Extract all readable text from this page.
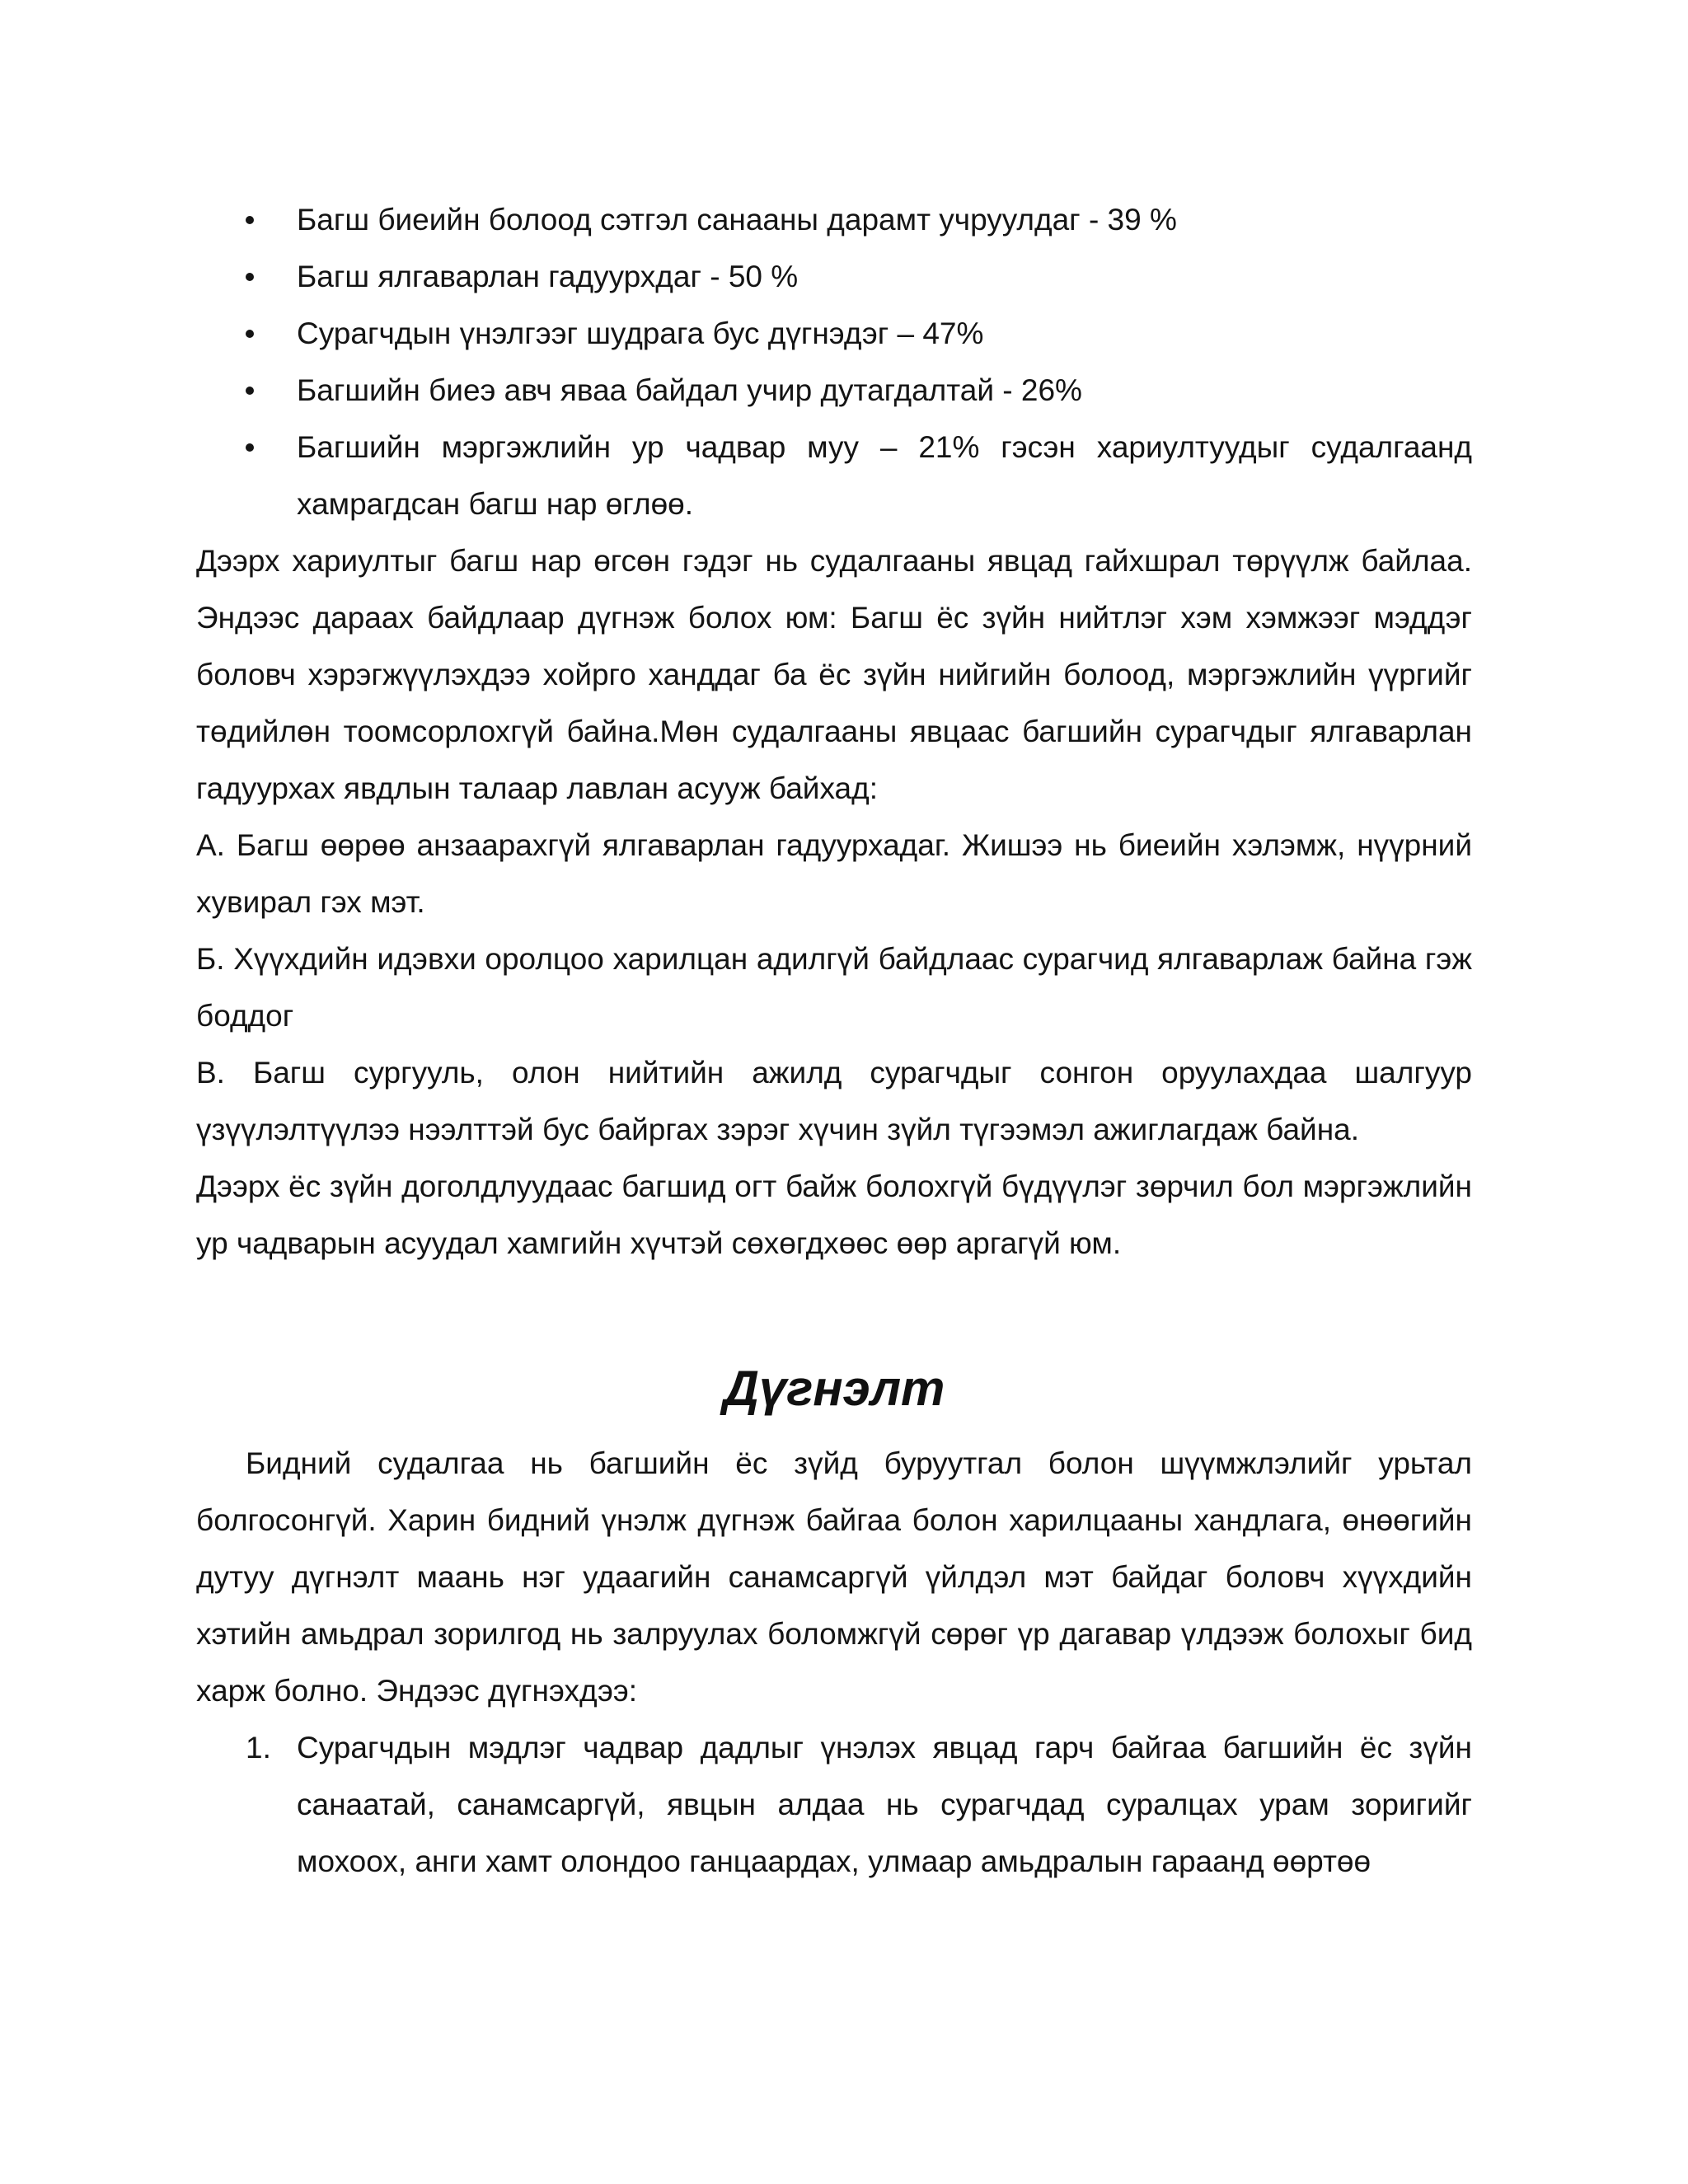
Багш биеийн болоод сэтгэл санааны дарамт учруулдаг - 39 %
Багш ялгаварлан гадуурхдаг - 50 %
Сурагчдын үнэлгээг шудрага бус дүгнэдэг – 47%
Багшийн биеэ авч яваа байдал учир дутагдалтай - 26%
Багшийн мэргэжлийн ур чадвар муу – 21% гэсэн хариултуудыг судалгаанд хамрагдсан багш нар өглөө.

Дээрх хариултыг багш нар өгсөн гэдэг нь судалгааны явцад гайхшрал төрүүлж байлаа. Эндээс дараах байдлаар дүгнэж болох юм: Багш ёс зүйн нийтлэг хэм хэмжээг мэддэг боловч хэрэгжүүлэхдээ хойрго ханддаг ба ёс зүйн нийгийн болоод, мэргэжлийн үүргийг төдийлөн тоомсорлохгүй байна.Мөн судалгааны явцаас багшийн сурагчдыг ялгаварлан гадуурхах явдлын талаар лавлан асууж байхад:

А. Багш өөрөө анзаарахгүй ялгаварлан гадуурхадаг. Жишээ нь биеийн хэлэмж, нүүрний хувирал гэх мэт.

Б. Хүүхдийн идэвхи оролцоо харилцан адилгүй байдлаас сурагчид ялгаварлаж байна гэж боддог

В. Багш сургууль, олон нийтийн ажилд сурагчдыг сонгон оруулахдаа шалгуур үзүүлэлтүүлээ нээлттэй бус байргах зэрэг хүчин зүйл түгээмэл ажиглагдаж байна.

Дээрх ёс зүйн доголдлуудаас багшид огт байж болохгүй бүдүүлэг зөрчил бол мэргэжлийн ур чадварын асуудал хамгийн хүчтэй сөхөгдхөөс өөр аргагүй юм.

Дүгнэлт

Бидний судалгаа нь багшийн ёс зүйд буруутгал болон шүүмжлэлийг урьтал болгосонгүй. Харин бидний үнэлж дүгнэж байгаа болон харилцааны хандлага, өнөөгийн дутуу дүгнэлт маань нэг удаагийн санамсаргүй үйлдэл мэт байдаг боловч хүүхдийн хэтийн амьдрал зорилгод нь залруулах боломжгүй сөрөг үр дагавар үлдээж болохыг бид харж болно. Эндээс дүгнэхдээ:

1. Сурагчдын мэдлэг чадвар дадлыг үнэлэх явцад гарч байгаа багшийн ёс зүйн санаатай, санамсаргүй, явцын алдаа нь сурагчдад суралцах урам зоригийг мохоох, анги хамт олондоо ганцаардах, улмаар амьдралын гараанд өөртөө
